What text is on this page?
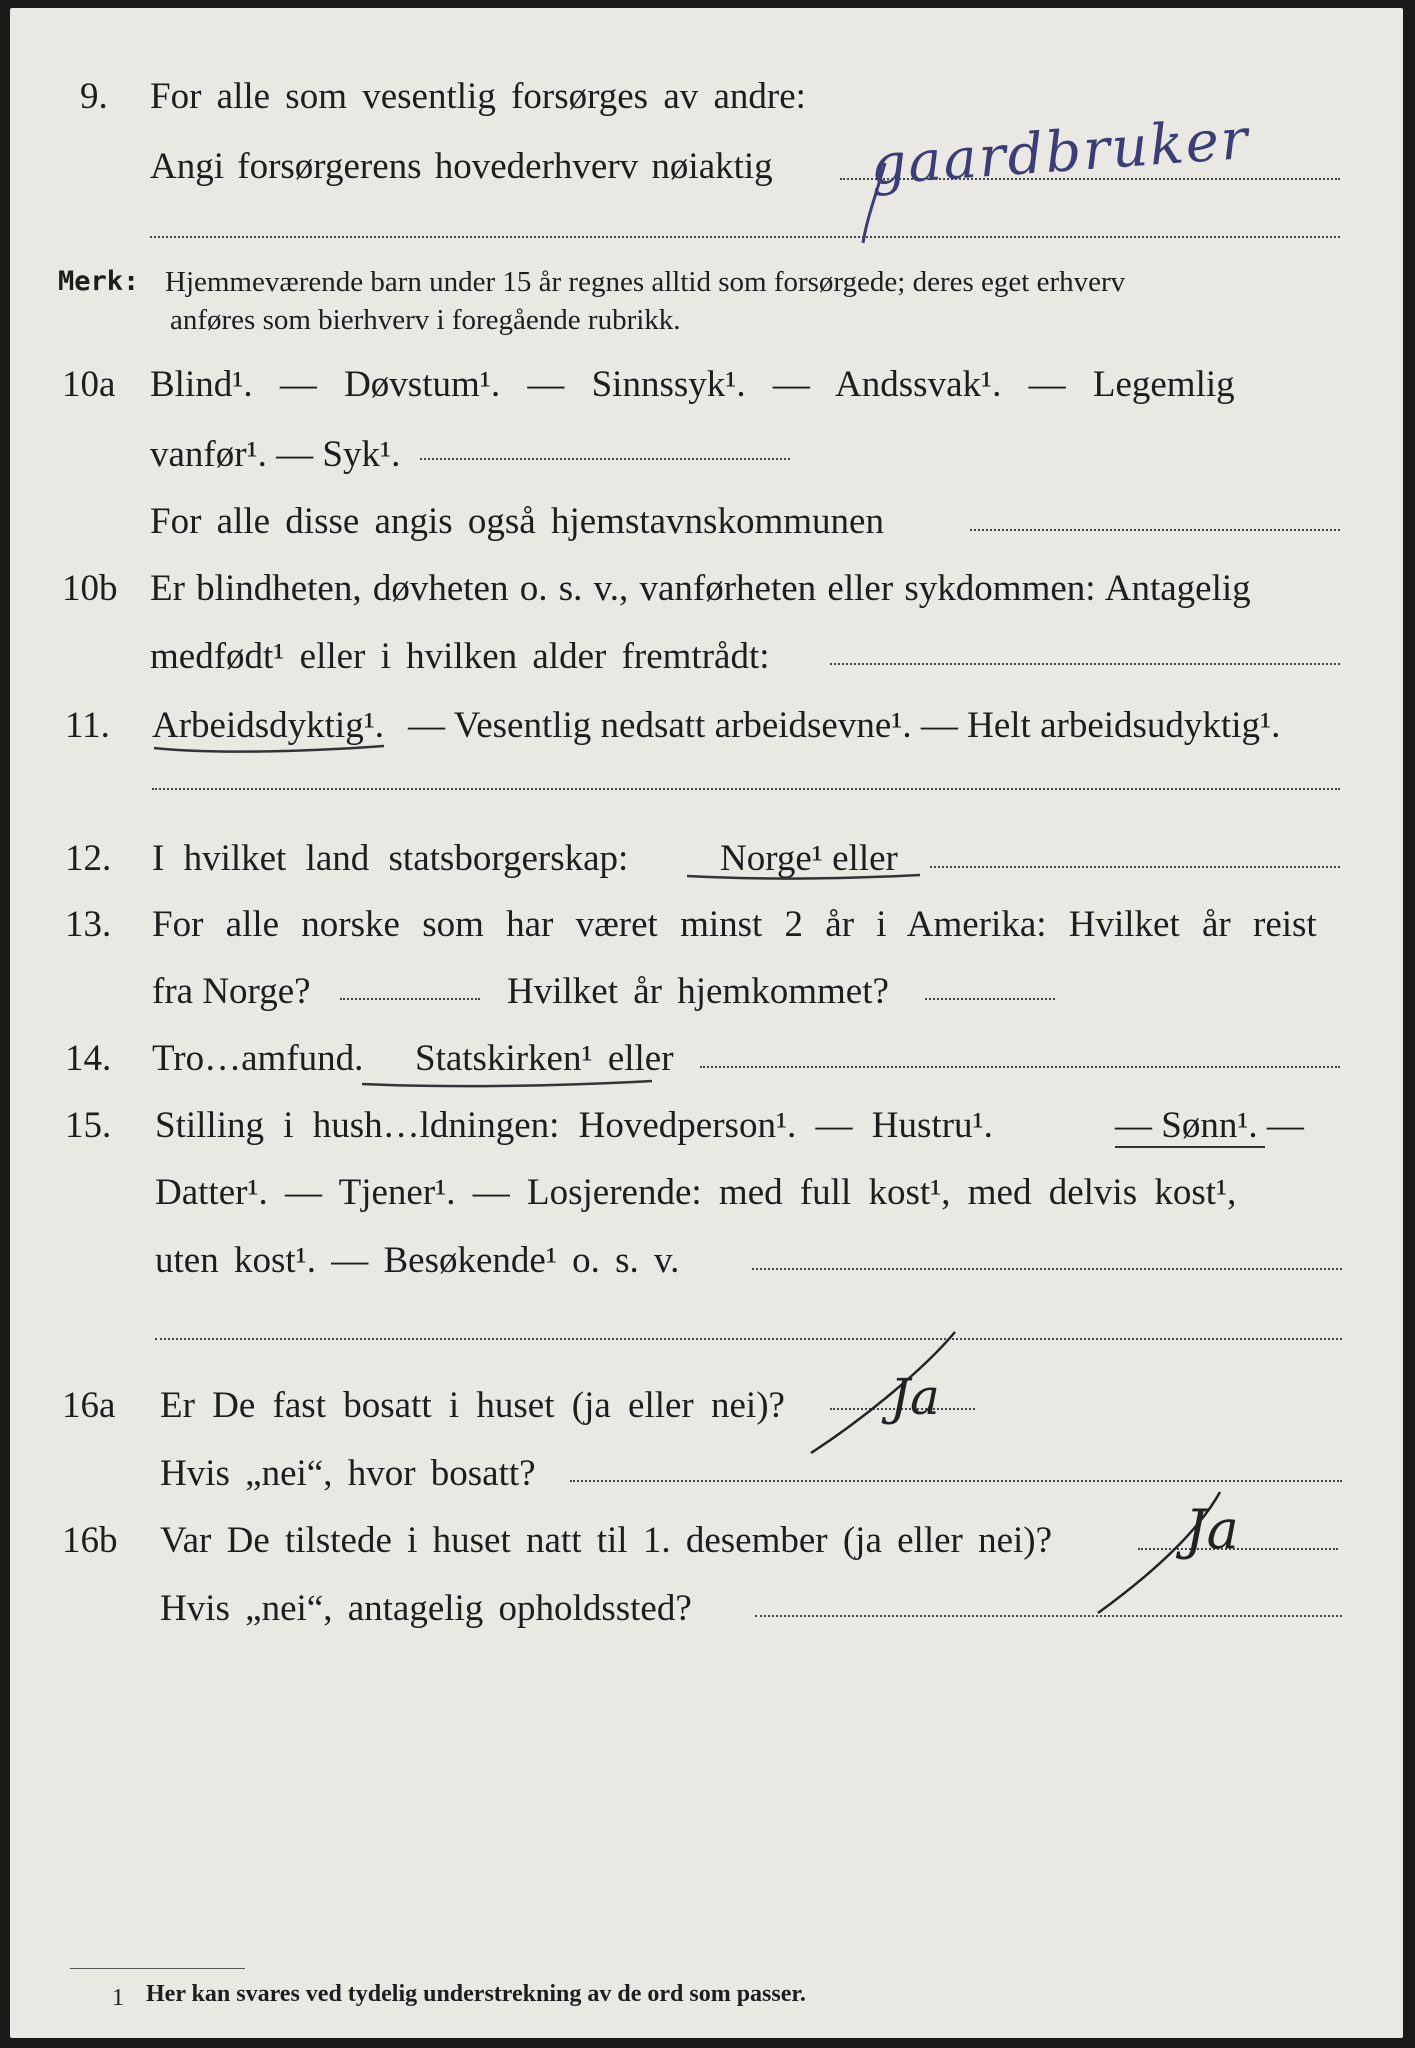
9. For alle som vesentlig forsørges av andre:
Angi forsørgerens hovederhverv nøiaktig gaardbruker
Merk: Hjemmeværende barn under 15 år regnes alltid som forsørgede; deres eget erhverv
anføres som bierhverv i foregående rubrikk.
10a Blind¹. — Døvstum¹. — Sinnssyk¹. — Andssvak¹. — Legemlig
vanfør¹. — Syk¹.
For alle disse angis også hjemstavnskommunen
10b Er blindheten, døvheten o. s. v., vanførheten eller sykdommen: Antagelig
medfødt¹ eller i hvilken alder fremtrådt:
11. Arbeidsdyktig¹. — Vesentlig nedsatt arbeidsevne¹. — Helt arbeidsudyktig¹.
12. I hvilket land statsborgerskap: Norge¹ eller
13. For alle norske som har været minst 2 år i Amerika: Hvilket år reist
fra Norge?	Hvilket år hjemkommet?
14. Tro…amfund. Statskirken¹ eller
15. Stilling i hush…ldningen: Hovedperson¹. — Hustru¹.	— Sønn¹. —
Datter¹. — Tjener¹. — Losjerende: med full kost¹, med delvis kost¹,
uten kost¹. — Besøkende¹ o. s. v.
16a Er De fast bosatt i huset (ja eller nei)? Ja
Hvis „nei“, hvor bosatt?
16b Var De tilstede i huset natt til 1. desember (ja eller nei)? Ja
Hvis „nei“, antagelig opholdssted?
1 Her kan svares ved tydelig understrekning av de ord som passer.
